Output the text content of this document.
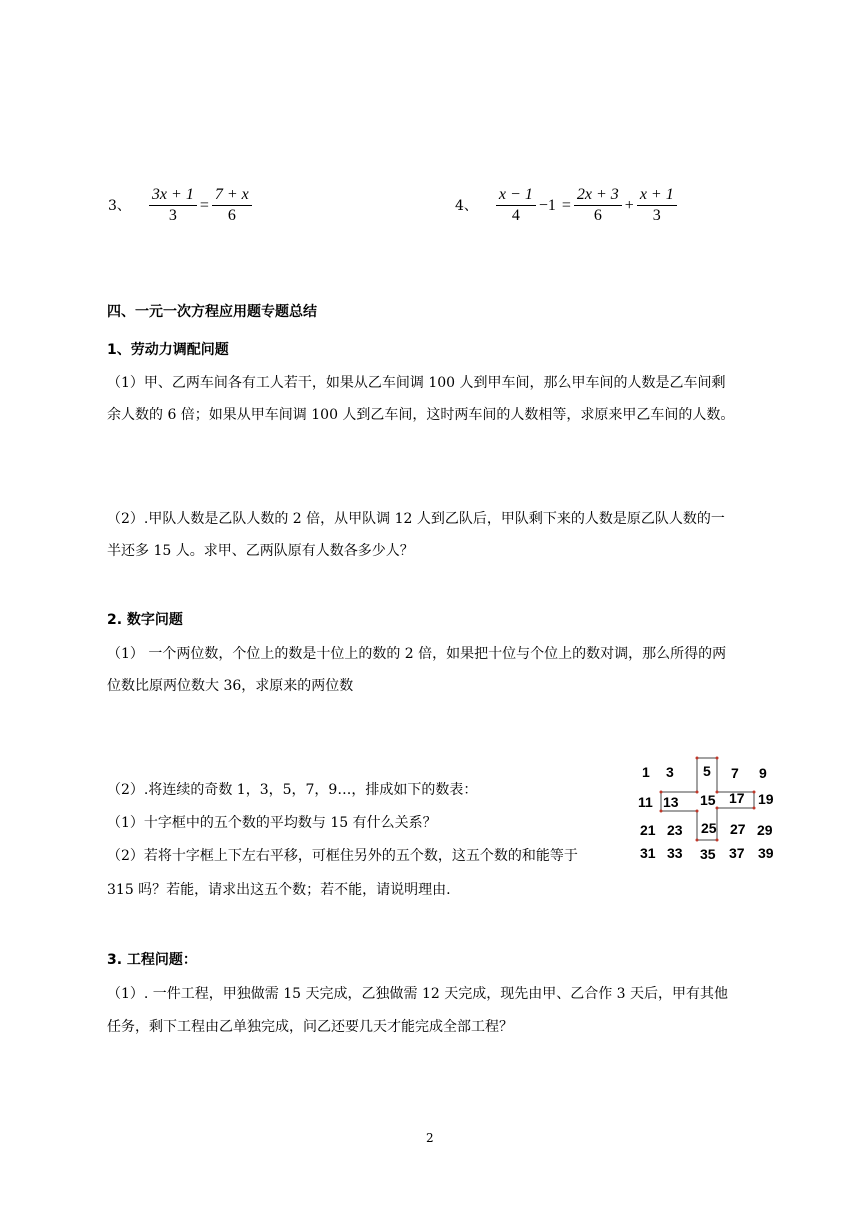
3、 $\frac{3x + 1}{3} = \frac{7 + x}{6}$	4、 $\frac{x - 1}{4} -1 = \frac{2x + 3}{6} + \frac{x + 1}{3}$
四、一元一次方程应用题专题总结
1、劳动力调配问题
（1）甲、乙两车间各有工人若干，如果从乙车间调 100 人到甲车间，那么甲车间的人数是乙车间剩
余人数的 6 倍；如果从甲车间调 100 人到乙车间，这时两车间的人数相等，求原来甲乙车间的人数。
（2）.甲队人数是乙队人数的 2 倍，从甲队调 12 人到乙队后，甲队剩下来的人数是原乙队人数的一
半还多 15 人。求甲、乙两队原有人数各多少人？
2. 数字问题
（1） 一个两位数，个位上的数是十位上的数的 2 倍，如果把十位与个位上的数对调，那么所得的两
位数比原两位数大 36，求原来的两位数
（2）.将连续的奇数 1，3，5，7，9…，排成如下的数表：
（1）十字框中的五个数的平均数与 15 有什么关系？
（2）若将十字框上下左右平移，可框住另外的五个数，这五个数的和能等于
315 吗？若能，请求出这五个数；若不能，请说明理由.
1 3 5 7 9
11 13 15 17 19
21 23 25 27 29
31 33 35 37 39
3. 工程问题：
（1）. 一件工程，甲独做需 15 天完成，乙独做需 12 天完成，现先由甲、乙合作 3 天后，甲有其他
任务，剩下工程由乙单独完成，问乙还要几天才能完成全部工程？
2
